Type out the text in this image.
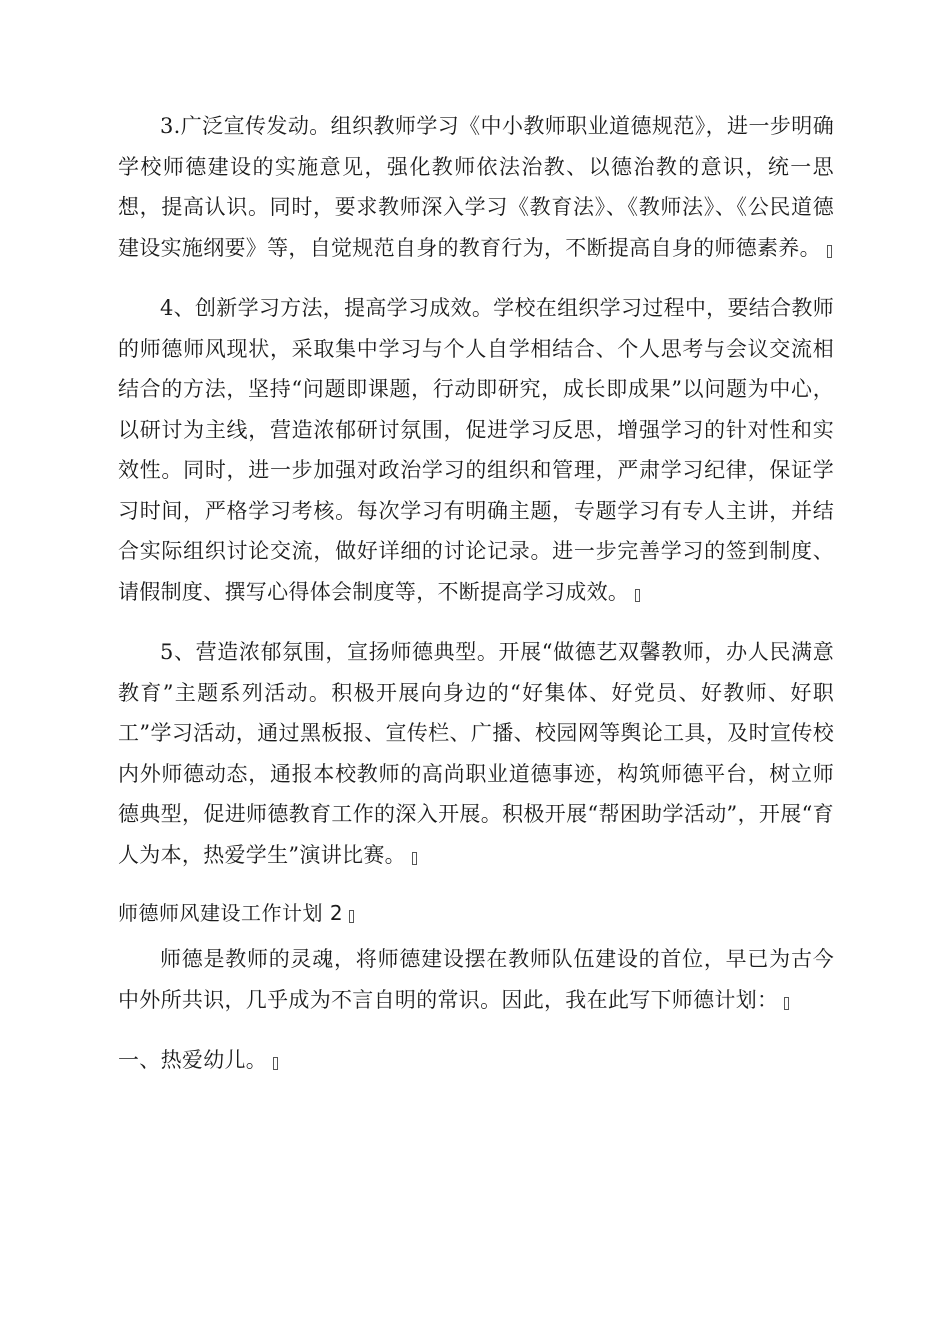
3.广泛宣传发动。组织教师学习《中小教师职业道德规范》，进一步明确学校师德建设的实施意见，强化教师依法治教、以德治教的意识，统一思想，提高认识。同时，要求教师深入学习《教育法》、《教师法》、《公民道德建设实施纲要》等，自觉规范自身的教育行为，不断提高自身的师德素养。

4、创新学习方法，提高学习成效。学校在组织学习过程中，要结合教师的师德师风现状，采取集中学习与个人自学相结合、个人思考与会议交流相结合的方法，坚持“问题即课题，行动即研究，成长即成果”以问题为中心，以研讨为主线，营造浓郁研讨氛围，促进学习反思，增强学习的针对性和实效性。同时，进一步加强对政治学习的组织和管理，严肃学习纪律，保证学习时间，严格学习考核。每次学习有明确主题，专题学习有专人主讲，并结合实际组织讨论交流，做好详细的讨论记录。进一步完善学习的签到制度、请假制度、撰写心得体会制度等，不断提高学习成效。

5、营造浓郁氛围，宣扬师德典型。开展“做德艺双馨教师，办人民满意教育”主题系列活动。积极开展向身边的“好集体、好党员、好教师、好职工”学习活动，通过黑板报、宣传栏、广播、校园网等舆论工具，及时宣传校内外师德动态，通报本校教师的高尚职业道德事迹，构筑师德平台，树立师德典型，促进师德教育工作的深入开展。积极开展“帮困助学活动”，开展“育人为本，热爱学生”演讲比赛。

师德师风建设工作计划 2

师德是教师的灵魂，将师德建设摆在教师队伍建设的首位，早已为古今中外所共识，几乎成为不言自明的常识。因此，我在此写下师德计划：

一、热爱幼儿。
